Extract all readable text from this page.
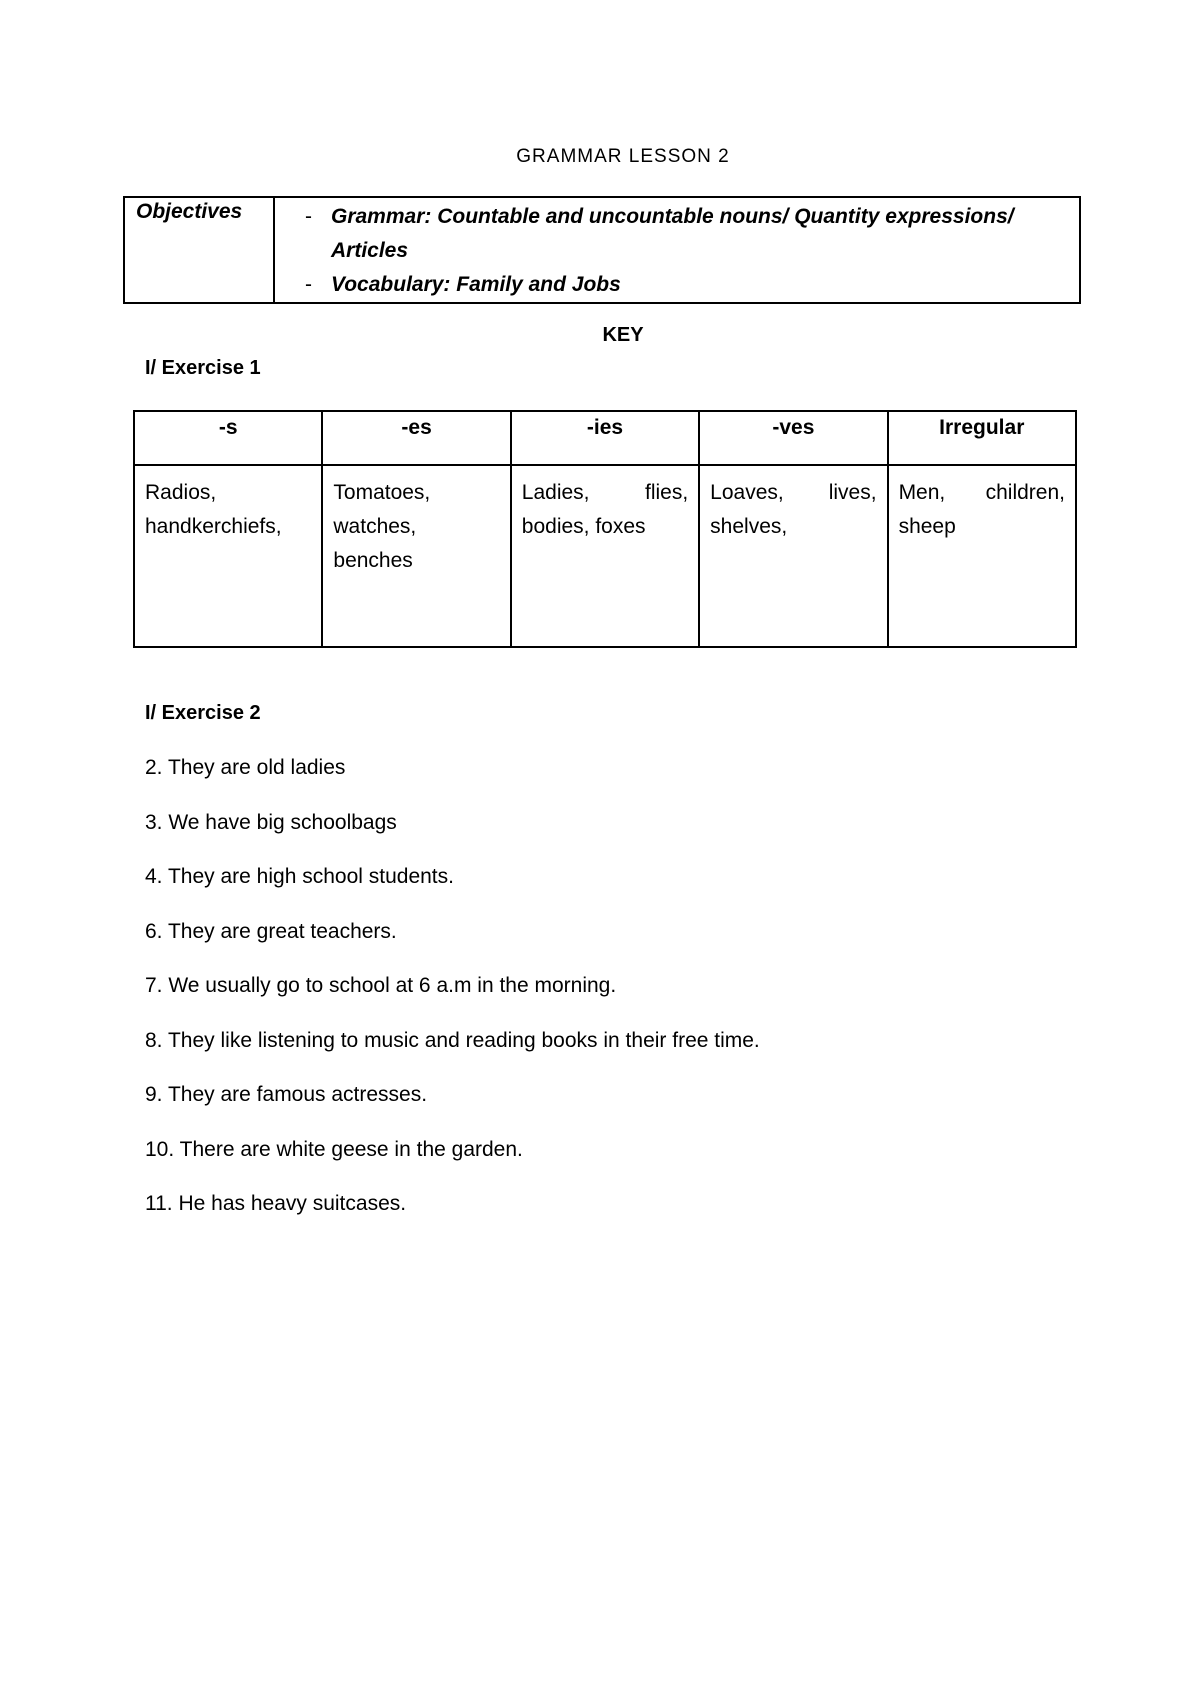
GRAMMAR LESSON 2
Objectives	
-Grammar: Countable and uncountable nouns/ Quantity expressions/ Articles
- Vocabulary: Family and Jobs
KEY
I/ Exercise 1
-s	-es	-ies	-ves	Irregular
Radios, handkerchiefs,	Tomatoes, watches, benches	Ladies, flies, bodies, foxes	Loaves, lives, shelves,	Men, children, sheep
I/ Exercise 2
2. They are old ladies
3. We have big schoolbags
4. They are high school students.
6. They are great teachers.
7. We usually go to school at 6 a.m in the morning.
8. They like listening to music and reading books in their free time.
9. They are famous actresses.
10. There are white geese in the garden.
11. He has heavy suitcases.
